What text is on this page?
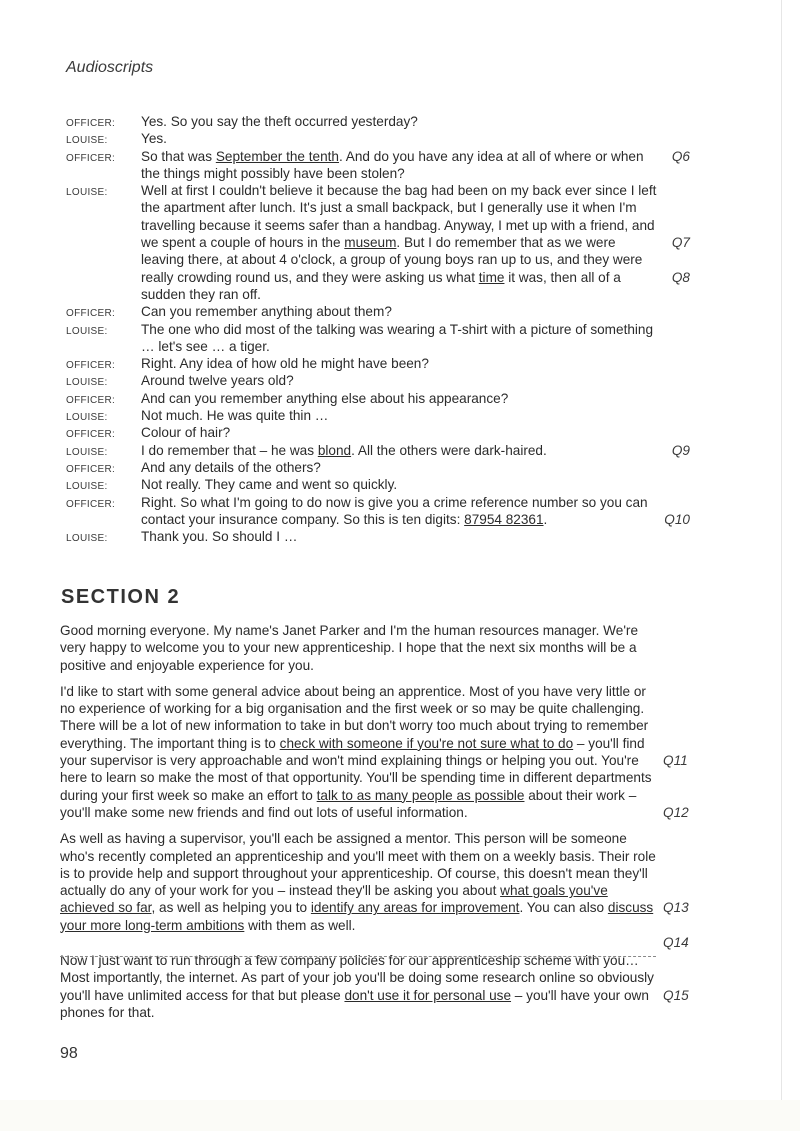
Audioscripts
OFFICER:	Yes. So you say the theft occurred yesterday?
LOUISE:	Yes.
OFFICER:	So that was September the tenth. And do you have any idea at all of where or when the things might possibly have been stolen?
Q6
LOUISE:	Well at first I couldn't believe it because the bag had been on my back ever since I left the apartment after lunch. It's just a small backpack, but I generally use it when I'm travelling because it seems safer than a handbag. Anyway, I met up with a friend, and we spent a couple of hours in the museum. But I do remember that as we were leaving there, at about 4 o'clock, a group of young boys ran up to us, and they were really crowding round us, and they were asking us what time it was, then all of a sudden they ran off.
Q7
Q8
OFFICER:	Can you remember anything about them?
LOUISE:	The one who did most of the talking was wearing a T-shirt with a picture of something … let's see … a tiger.
OFFICER:	Right. Any idea of how old he might have been?
LOUISE:	Around twelve years old?
OFFICER:	And can you remember anything else about his appearance?
LOUISE:	Not much. He was quite thin …
OFFICER:	Colour of hair?
LOUISE:	I do remember that – he was blond. All the others were dark-haired.	Q9
OFFICER:	And any details of the others?
LOUISE:	Not really. They came and went so quickly.
OFFICER:	Right. So what I'm going to do now is give you a crime reference number so you can contact your insurance company. So this is ten digits: 87954 82361.	Q10
LOUISE:	Thank you. So should I …
SECTION 2

Good morning everyone. My name's Janet Parker and I'm the human resources manager. We're very happy to welcome you to your new apprenticeship. I hope that the next six months will be a positive and enjoyable experience for you.

I'd like to start with some general advice about being an apprentice. Most of you have very little or no experience of working for a big organisation and the first week or so may be quite challenging. There will be a lot of new information to take in but don't worry too much about trying to remember everything. The important thing is to check with someone if you're not sure what to do – you'll find your supervisor is very approachable and won't mind explaining things or helping you out. You're here to learn so make the most of that opportunity. You'll be spending time in different departments during your first week so make an effort to talk to as many people as possible about their work – you'll make some new friends and find out lots of useful information.

Q11
Q12

As well as having a supervisor, you'll each be assigned a mentor. This person will be someone who's recently completed an apprenticeship and you'll meet with them on a weekly basis. Their role is to provide help and support throughout your apprenticeship. Of course, this doesn't mean they'll actually do any of your work for you – instead they'll be asking you about what goals you've achieved so far, as well as helping you to identify any areas for improvement. You can also discuss your more long-term ambitions with them as well.

Q13
Q14

Now I just want to run through a few company policies for our apprenticeship scheme with you… Most importantly, the internet. As part of your job you'll be doing some research online so obviously you'll have unlimited access for that but please don't use it for personal use – you'll have your own phones for that.

Q15
98
